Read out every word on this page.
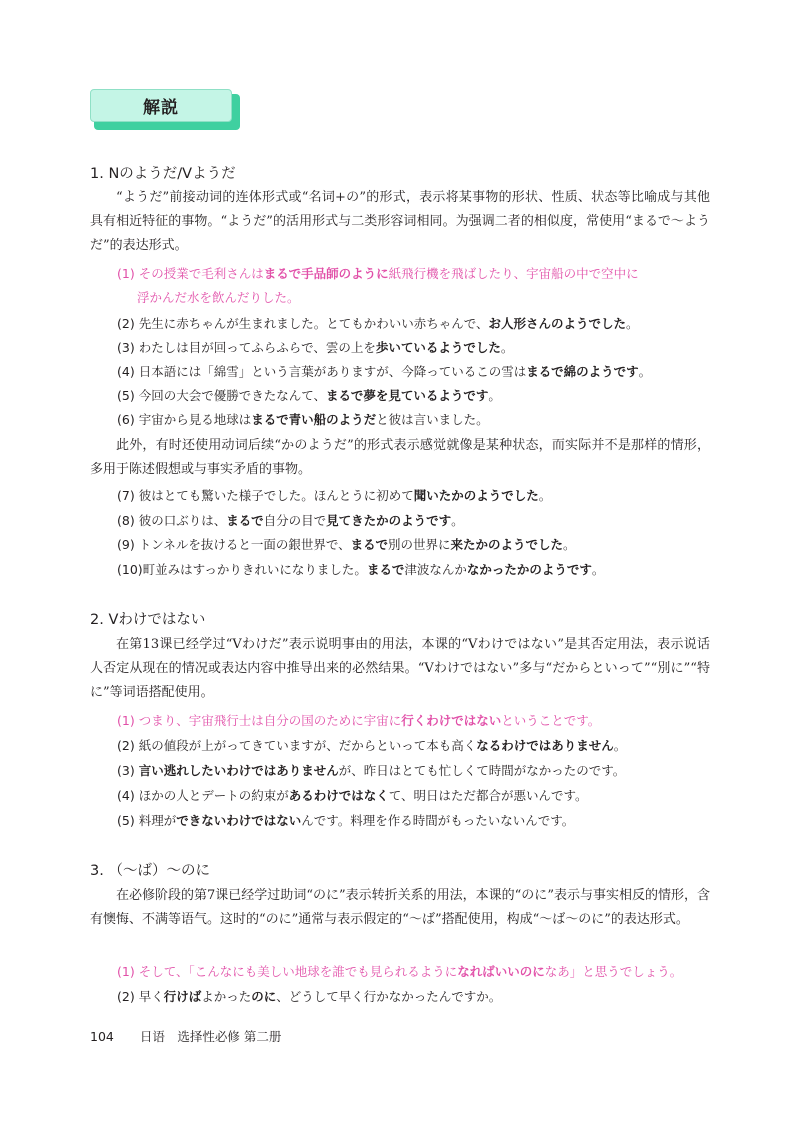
解説
1. Nのようだ/Vようだ
“ようだ”前接动词的连体形式或“名词+の”的形式，表示将某事物的形状、性质、状态等比喻成与其他具有相近特征的事物。“ようだ”的活用形式与二类形容词相同。为强调二者的相似度，常使用“まるで〜ようだ”的表达形式。
(1) その授業で毛利さんはまるで手品師のように紙飛行機を飛ばしたり、宇宙船の中で空中に
浮かんだ水を飲んだりした。
(2) 先生に赤ちゃんが生まれました。とてもかわいい赤ちゃんで、お人形さんのようでした。
(3) わたしは目が回ってふらふらで、雲の上を歩いているようでした。
(4) 日本語には「綿雪」という言葉がありますが、今降っているこの雪はまるで綿のようです。
(5) 今回の大会で優勝できたなんて、まるで夢を見ているようです。
(6) 宇宙から見る地球はまるで青い船のようだと彼は言いました。
此外，有时还使用动词后续“かのようだ”的形式表示感觉就像是某种状态，而实际并不是那样的情形，多用于陈述假想或与事实矛盾的事物。
(7) 彼はとても驚いた様子でした。ほんとうに初めて聞いたかのようでした。
(8) 彼の口ぶりは、まるで自分の目で見てきたかのようです。
(9) トンネルを抜けると一面の銀世界で、まるで別の世界に来たかのようでした。
(10)町並みはすっかりきれいになりました。まるで津波なんかなかったかのようです。
2. Vわけではない
在第13课已经学过“Vわけだ”表示说明事由的用法，本课的“Vわけではない”是其否定用法，表示说话人否定从现在的情况或表达内容中推导出来的必然结果。“Vわけではない”多与“だからといって”“別に”“特に”等词语搭配使用。
(1) つまり、宇宙飛行士は自分の国のために宇宙に行くわけではないということです。
(2) 紙の値段が上がってきていますが、だからといって本も高くなるわけではありません。
(3) 言い逃れしたいわけではありませんが、昨日はとても忙しくて時間がなかったのです。
(4) ほかの人とデートの約束があるわけではなくて、明日はただ都合が悪いんです。
(5) 料理ができないわけではないんです。料理を作る時間がもったいないんです。
3. （～ば）～のに
在必修阶段的第7课已经学过助词“のに”表示转折关系的用法，本课的“のに”表示与事实相反的情形，含有懊悔、不满等语气。这时的“のに”通常与表示假定的“〜ば”搭配使用，构成“〜ば〜のに”的表达形式。
(1) そして、「こんなにも美しい地球を誰でも見られるようになればいいのになあ」と思うでしょう。
(2) 早く行けばよかったのに、どうして早く行かなかったんですか。
104 日语　选择性必修 第二册
